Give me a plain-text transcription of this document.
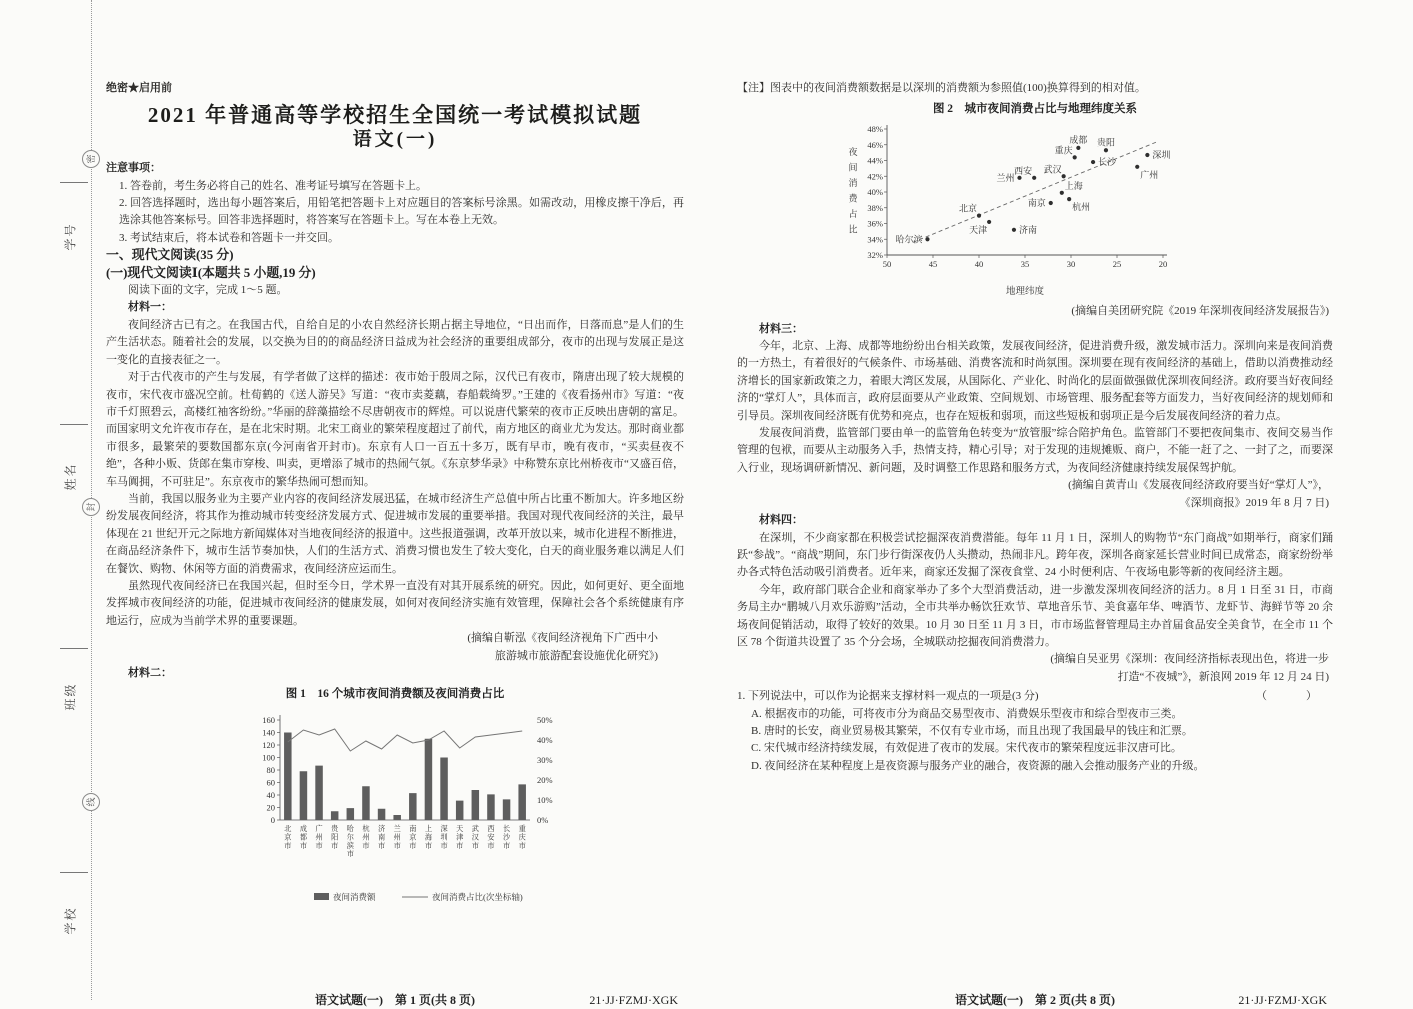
密
封
线
学号
姓名
班级
学校
绝密★启用前
2021 年普通高等学校招生全国统一考试模拟试题
语文(一)
注意事项：

1. 答卷前，考生务必将自己的姓名、准考证号填写在答题卡上。

2. 回答选择题时，选出每小题答案后，用铅笔把答题卡上对应题目的答案标号涂黑。如需改动，用橡皮擦干净后，再选涂其他答案标号。回答非选择题时，将答案写在答题卡上。写在本卷上无效。

3. 考试结束后，将本试卷和答题卡一并交回。

一、现代文阅读(35 分)
(一)现代文阅读Ⅰ(本题共 5 小题,19 分)

阅读下面的文字，完成 1～5 题。

材料一：

夜间经济古已有之。在我国古代，自给自足的小农自然经济长期占据主导地位，“日出而作，日落而息”是人们的生产生活状态。随着社会的发展，以交换为目的的商品经济日益成为社会经济的重要组成部分，夜市的出现与发展正是这一变化的直接表征之一。

对于古代夜市的产生与发展，有学者做了这样的描述：夜市始于殷周之际，汉代已有夜市，隋唐出现了较大规模的夜市，宋代夜市盛况空前。杜荀鹤的《送人游吴》写道：“夜市卖菱藕，春船载绮罗。”王建的《夜看扬州市》写道：“夜市千灯照碧云，高楼红袖客纷纷。”华丽的辞藻描绘不尽唐朝夜市的辉煌。可以说唐代繁荣的夜市正反映出唐朝的富足。而国家明文允许夜市存在，是在北宋时期。北宋工商业的繁荣程度超过了前代，南方地区的商业尤为发达。那时商业都市很多，最繁荣的要数国都东京(今河南省开封市)。东京有人口一百五十多万，既有早市，晚有夜市，“买卖昼夜不绝”，各种小贩、货郎在集市穿梭、叫卖，更增添了城市的热闹气氛。《东京梦华录》中称赞东京比州桥夜市“又盛百倍，车马阗拥，不可驻足”。东京夜市的繁华热闹可想而知。

当前，我国以服务业为主要产业内容的夜间经济发展迅猛，在城市经济生产总值中所占比重不断加大。许多地区纷纷发展夜间经济，将其作为推动城市转变经济发展方式、促进城市发展的重要举措。我国对现代夜间经济的关注，最早体现在 21 世纪开元之际地方新闻媒体对当地夜间经济的报道中。这些报道强调，改革开放以来，城市化进程不断推进，在商品经济条件下，城市生活节奏加快，人们的生活方式、消费习惯也发生了较大变化，白天的商业服务难以满足人们在餐饮、购物、休闲等方面的消费需求，夜间经济应运而生。

虽然现代夜间经济已在我国兴起，但时至今日，学术界一直没有对其开展系统的研究。因此，如何更好、更全面地发挥城市夜间经济的功能，促进城市夜间经济的健康发展，如何对夜间经济实施有效管理，保障社会各个系统健康有序地运行，应成为当前学术界的重要课题。

(摘编自靳泓《夜间经济视角下广西中小

旅游城市旅游配套设施优化研究》)

材料二：

图 1　16 个城市夜间消费额及夜间消费占比
0
20
40
60
80
100
120
140
160
0%
10%
20%
30%
40%
50%
北
京
市
成
都
市
广
州
市
贵
阳
市
哈
尔
滨
市
杭
州
市
济
南
市
兰
州
市
南
京
市
上
海
市
深
圳
市
天
津
市
武
汉
市
西
安
市
长
沙
市
重
庆
市
夜间消费额	夜间消费占比(次坐标轴)
语文试题(一)　第 1 页(共 8 页)	21·JJ·FZMJ·XGK

【注】图表中的夜间消费额数据是以深圳的消费额为参照值(100)换算得到的相对值。

图 2　城市夜间消费占比与地理纬度关系
48%
46%
44%
42%
40%
38%
36%
34%
32%
50	45	40	35	30	25	20
夜
间
消
费
占
比
地理纬度
哈尔滨
北京
天津	济南
兰州
西安
南京
上海
杭州
武汉
成都
重庆
贵阳
长沙
广州
深圳

(摘编自美团研究院《2019 年深圳夜间经济发展报告》)

材料三：

今年，北京、上海、成都等地纷纷出台相关政策，发展夜间经济，促进消费升级，激发城市活力。深圳向来是夜间消费的一方热土，有着很好的气候条件、市场基础、消费客流和时尚氛围。深圳要在现有夜间经济的基础上，借助以消费推动经济增长的国家新政策之力，着眼大湾区发展，从国际化、产业化、时尚化的层面做强做优深圳夜间经济。政府要当好夜间经济的“掌灯人”，具体而言，政府层面要从产业政策、空间规划、市场管理、服务配套等方面发力，当好夜间经济的规划师和引导员。深圳夜间经济既有优势和亮点，也存在短板和弱项，而这些短板和弱项正是今后发展夜间经济的着力点。

发展夜间消费，监管部门要由单一的监管角色转变为“放管服”综合陪护角色。监管部门不要把夜间集市、夜间交易当作管理的包袱，而要从主动服务入手，热情支持，精心引导；对于发现的违规摊贩、商户，不能一赶了之、一封了之，而要深入行业，现场调研新情况、新问题，及时调整工作思路和服务方式，为夜间经济健康持续发展保驾护航。

(摘编自黄青山《发展夜间经济政府要当好“掌灯人”》，

《深圳商报》2019 年 8 月 7 日)

材料四：

在深圳，不少商家都在积极尝试挖掘深夜消费潜能。每年 11 月 1 日，深圳人的购物节“东门商战”如期举行，商家们踊跃“参战”。“商战”期间，东门步行街深夜仍人头攒动，热闹非凡。跨年夜，深圳各商家延长营业时间已成常态，商家纷纷举办各式特色活动吸引消费者。近年来，商家还发掘了深夜食堂、24 小时便利店、午夜场电影等新的夜间经济主题。

今年，政府部门联合企业和商家举办了多个大型消费活动，进一步激发深圳夜间经济的活力。8 月 1 日至 31 日，市商务局主办“鹏城八月欢乐游购”活动，全市共举办畅饮狂欢节、草地音乐节、美食嘉年华、啤酒节、龙虾节、海鲜节等 20 余场夜间促销活动，取得了较好的效果。10 月 30 日至 11 月 3 日，市市场监督管理局主办首届食品安全美食节，在全市 11 个区 78 个街道共设置了 35 个分会场，全城联动挖掘夜间消费潜力。

(摘编自吴亚男《深圳：夜间经济指标表现出色，将进一步

打造“不夜城”》，新浪网 2019 年 12 月 24 日)

1. 下列说法中，可以作为论据来支撑材料一观点的一项是(3 分)	（　）

A. 根据夜市的功能，可将夜市分为商品交易型夜市、消费娱乐型夜市和综合型夜市三类。

B. 唐时的长安，商业贸易极其繁荣，不仅有专业市场，而且出现了我国最早的钱庄和汇票。

C. 宋代城市经济持续发展，有效促进了夜市的发展。宋代夜市的繁荣程度远非汉唐可比。

D. 夜间经济在某种程度上是夜资源与服务产业的融合，夜资源的融入会推动服务产业的升级。

语文试题(一)　第 2 页(共 8 页)	21·JJ·FZMJ·XGK
